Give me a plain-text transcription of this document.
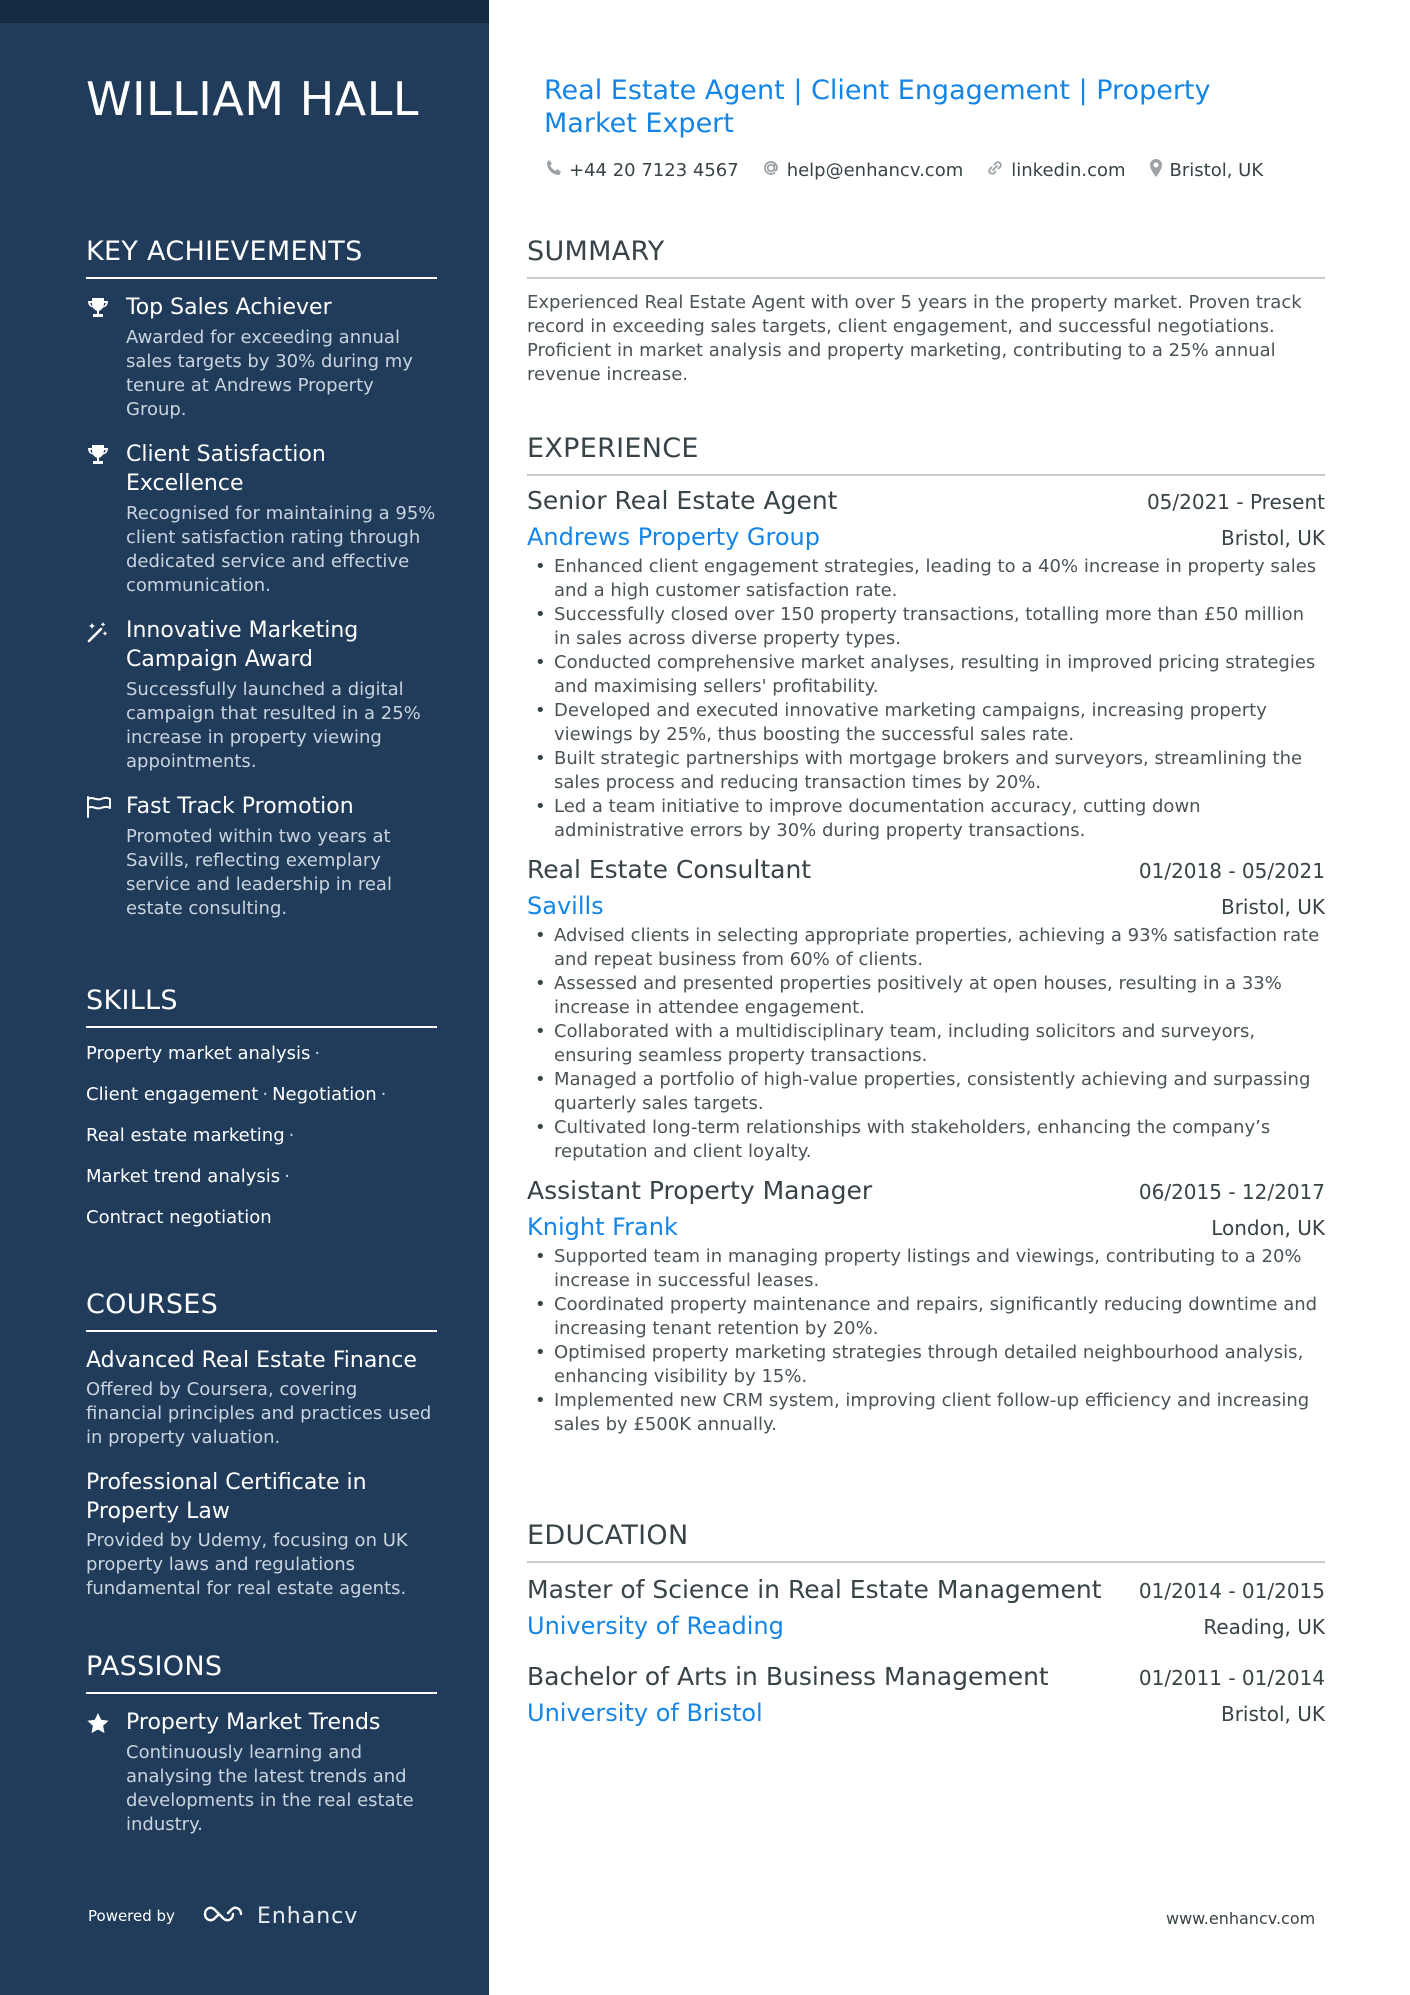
WILLIAM HALL
KEY ACHIEVEMENTS
Top Sales Achiever
Awarded for exceeding annual sales targets by 30% during my tenure at Andrews Property Group.
Client Satisfaction Excellence
Recognised for maintaining a 95% client satisfaction rating through dedicated service and effective communication.
Innovative Marketing Campaign Award
Successfully launched a digital campaign that resulted in a 25% increase in property viewing appointments.
Fast Track Promotion
Promoted within two years at Savills, reflecting exemplary service and leadership in real estate consulting.
SKILLS
Property market analysis ·
Client engagement · Negotiation ·
Real estate marketing ·
Market trend analysis ·
Contract negotiation
COURSES
Advanced Real Estate Finance
Offered by Coursera, covering financial principles and practices used in property valuation.
Professional Certificate in Property Law
Provided by Udemy, focusing on UK property laws and regulations fundamental for real estate agents.
PASSIONS
Property Market Trends
Continuously learning and analysing the latest trends and developments in the real estate industry.
Powered by	Enhancv
Real Estate Agent | Client Engagement | Property Market Expert
+44 20 7123 4567	help@enhancv.com	linkedin.com Bristol, UK
SUMMARY
Experienced Real Estate Agent with over 5 years in the property market. Proven track record in exceeding sales targets, client engagement, and successful negotiations. Proficient in market analysis and property marketing, contributing to a 25% annual revenue increase.
EXPERIENCE
Senior Real Estate Agent	05/2021 - Present
Andrews Property Group	Bristol, UK
• Enhanced client engagement strategies, leading to a 40% increase in property sales and a high customer satisfaction rate.
• Successfully closed over 150 property transactions, totalling more than £50 million in sales across diverse property types.
• Conducted comprehensive market analyses, resulting in improved pricing strategies and maximising sellers' profitability.
• Developed and executed innovative marketing campaigns, increasing property viewings by 25%, thus boosting the successful sales rate.
• Built strategic partnerships with mortgage brokers and surveyors, streamlining the sales process and reducing transaction times by 20%.
• Led a team initiative to improve documentation accuracy, cutting down administrative errors by 30% during property transactions.
Real Estate Consultant	01/2018 - 05/2021
Savills	Bristol, UK
• Advised clients in selecting appropriate properties, achieving a 93% satisfaction rate and repeat business from 60% of clients.
• Assessed and presented properties positively at open houses, resulting in a 33% increase in attendee engagement.
• Collaborated with a multidisciplinary team, including solicitors and surveyors, ensuring seamless property transactions.
• Managed a portfolio of high-value properties, consistently achieving and surpassing quarterly sales targets.
• Cultivated long-term relationships with stakeholders, enhancing the company’s reputation and client loyalty.
Assistant Property Manager	06/2015 - 12/2017
Knight Frank	London, UK
• Supported team in managing property listings and viewings, contributing to a 20% increase in successful leases.
• Coordinated property maintenance and repairs, significantly reducing downtime and increasing tenant retention by 20%.
• Optimised property marketing strategies through detailed neighbourhood analysis, enhancing visibility by 15%.
• Implemented new CRM system, improving client follow-up efficiency and increasing sales by £500K annually.
EDUCATION
Master of Science in Real Estate Management 01/2014 - 01/2015
University of Reading	Reading, UK
Bachelor of Arts in Business Management	01/2011 - 01/2014
University of Bristol	Bristol, UK
www.enhancv.com
